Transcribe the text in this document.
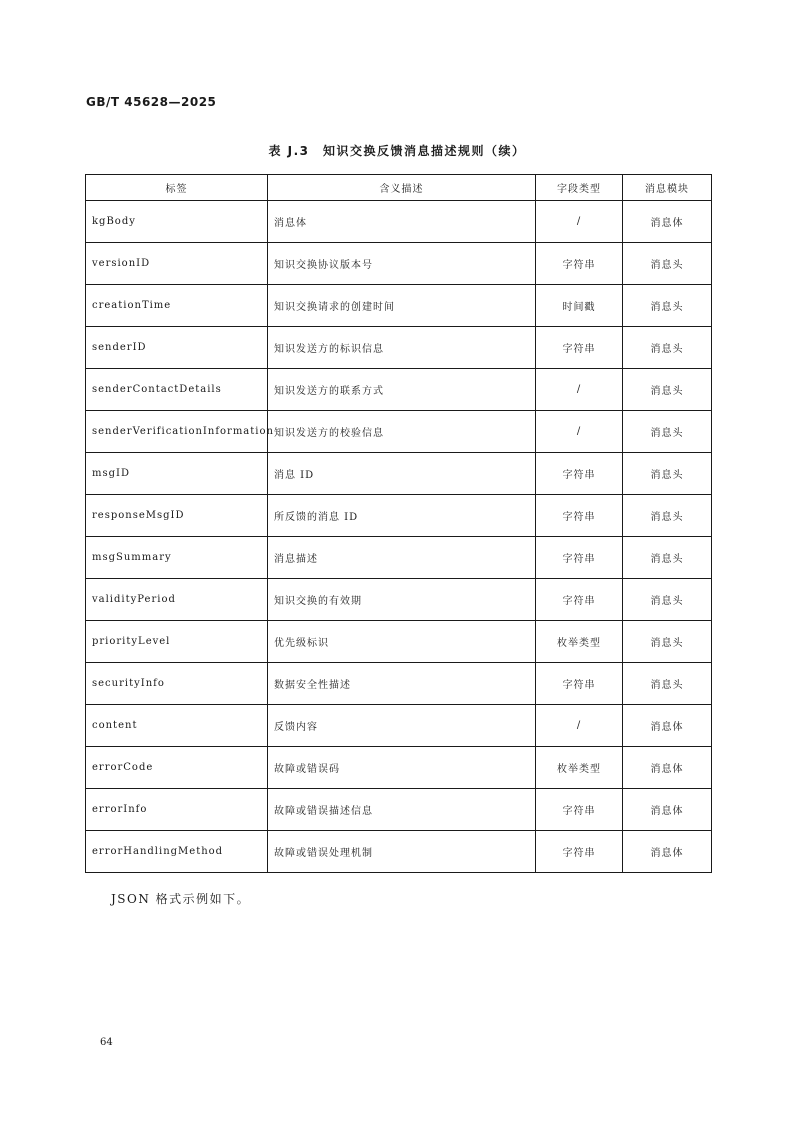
GB/T 45628—2025
表 J.3　知识交换反馈消息描述规则（续）
标签	含义描述	字段类型	消息模块
kgBody	消息体	/	消息体
versionID	知识交换协议版本号	字符串	消息头
creationTime	知识交换请求的创建时间	时间戳	消息头
senderID	知识发送方的标识信息	字符串	消息头
senderContactDetails	知识发送方的联系方式	/	消息头
senderVerificationInformation	知识发送方的校验信息	/	消息头
msgID	消息 ID	字符串	消息头
responseMsgID	所反馈的消息 ID	字符串	消息头
msgSummary	消息描述	字符串	消息头
validityPeriod	知识交换的有效期	字符串	消息头
priorityLevel	优先级标识	枚举类型	消息头
securityInfo	数据安全性描述	字符串	消息头
content	反馈内容	/	消息体
errorCode	故障或错误码	枚举类型	消息体
errorInfo	故障或错误描述信息	字符串	消息体
errorHandlingMethod	故障或错误处理机制	字符串	消息体
JSON 格式示例如下。
64
